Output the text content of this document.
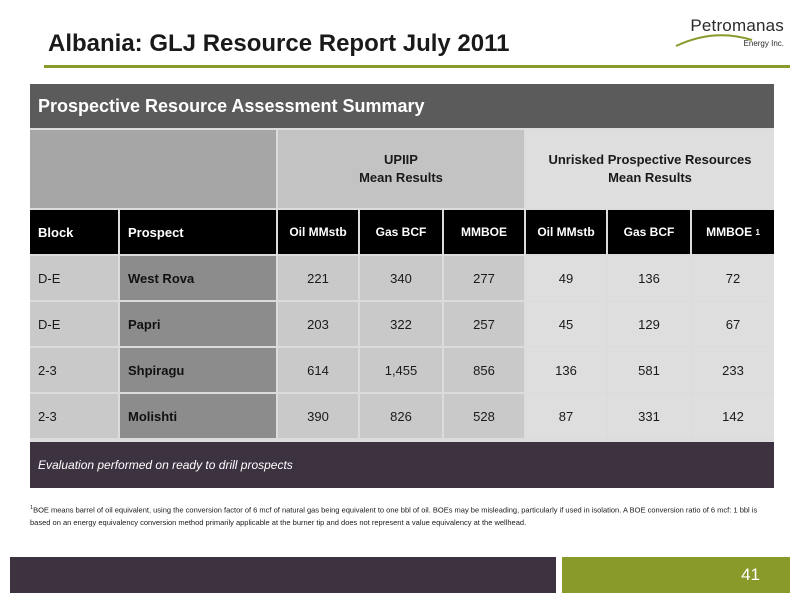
Albania: GLJ Resource Report July 2011
Petromanas
Energy Inc.
Prospective Resource Assessment Summary
UPIIP
Mean Results
Unrisked Prospective Resources
Mean Results
Block	Prospect	Oil MMstb	Gas BCF	MMBOE	Oil MMstb	Gas BCF	MMBOE
1
D-E	West Rova	221	340	277	49	136	72
D-E	Papri	203	322	257	45	129	67
2-3	Shpiragu	614	1,455	856	136	581	233
2-3	Molishti	390	826	528	87	331	142
Evaluation performed on ready to drill prospects
$^1$BOE means barrel of oil equivalent, using the conversion factor of 6 mcf of natural gas being equivalent to one bbl of oil. BOEs may be misleading, particularly if used in isolation. A BOE conversion ratio of 6 mcf: 1 bbl is based on an energy equivalency conversion method primarily applicable at the burner tip and does not represent a value equivalency at the wellhead.
41
